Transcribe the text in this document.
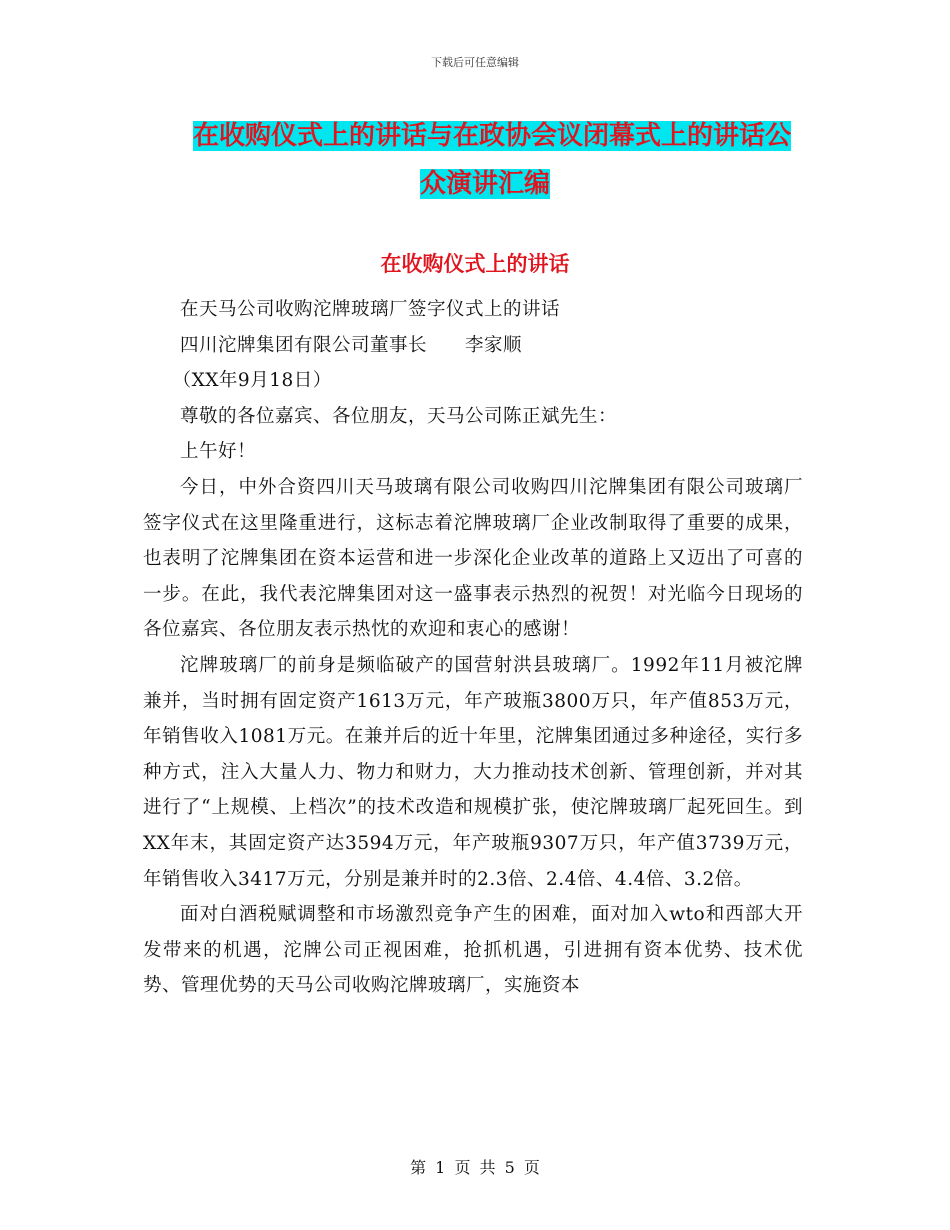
下载后可任意编辑
在收购仪式上的讲话与在政协会议闭幕式上的讲话公
众演讲汇编
在收购仪式上的讲话

在天马公司收购沱牌玻璃厂签字仪式上的讲话

四川沱牌集团有限公司董事长　　李家顺

（XX年9月18日）

尊敬的各位嘉宾、各位朋友，天马公司陈正斌先生：

上午好！

今日，中外合资四川天马玻璃有限公司收购四川沱牌集团有限公司玻璃厂签字仪式在这里隆重进行，这标志着沱牌玻璃厂企业改制取得了重要的成果，也表明了沱牌集团在资本运营和进一步深化企业改革的道路上又迈出了可喜的一步。在此，我代表沱牌集团对这一盛事表示热烈的祝贺！对光临今日现场的各位嘉宾、各位朋友表示热忱的欢迎和衷心的感谢！

沱牌玻璃厂的前身是频临破产的国营射洪县玻璃厂。1992年11月被沱牌兼并，当时拥有固定资产1613万元，年产玻瓶3800万只，年产值853万元，年销售收入1081万元。在兼并后的近十年里，沱牌集团通过多种途径，实行多种方式，注入大量人力、物力和财力，大力推动技术创新、管理创新，并对其进行了“上规模、上档次”的技术改造和规模扩张，使沱牌玻璃厂起死回生。到XX年末，其固定资产达3594万元，年产玻瓶9307万只，年产值3739万元，年销售收入3417万元，分别是兼并时的2.3倍、2.4倍、4.4倍、3.2倍。

面对白酒税赋调整和市场激烈竞争产生的困难，面对加入wto和西部大开发带来的机遇，沱牌公司正视困难，抢抓机遇，引进拥有资本优势、技术优势、管理优势的天马公司收购沱牌玻璃厂，实施资本

第 1 页 共 5 页
